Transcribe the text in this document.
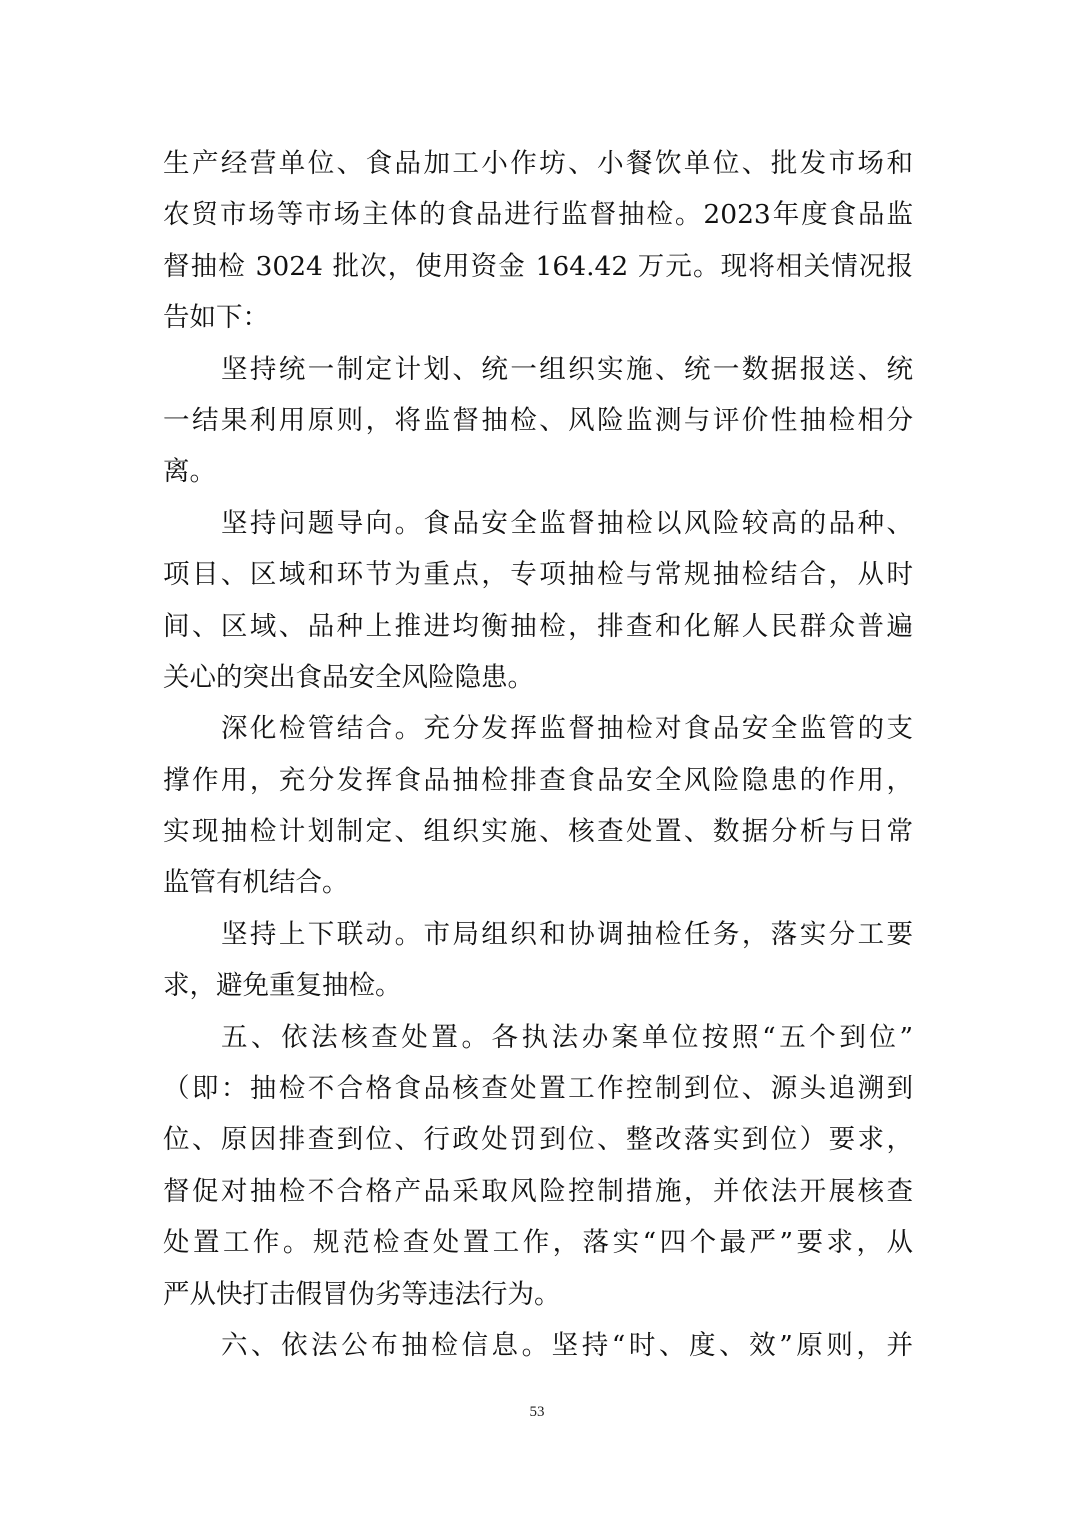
生产经营单位、食品加工小作坊、小餐饮单位、批发市场和
农贸市场等市场主体的食品进行监督抽检。2023年度食品监
督抽检 3024 批次，使用资金 164.42 万元。现将相关情况报
告如下：
坚持统一制定计划、统一组织实施、统一数据报送、统
一结果利用原则，将监督抽检、风险监测与评价性抽检相分
离。
坚持问题导向。食品安全监督抽检以风险较高的品种、
项目、区域和环节为重点，专项抽检与常规抽检结合，从时
间、区域、品种上推进均衡抽检，排查和化解人民群众普遍
关心的突出食品安全风险隐患。
深化检管结合。充分发挥监督抽检对食品安全监管的支
撑作用，充分发挥食品抽检排查食品安全风险隐患的作用，
实现抽检计划制定、组织实施、核查处置、数据分析与日常
监管有机结合。
坚持上下联动。市局组织和协调抽检任务，落实分工要
求，避免重复抽检。
五、依法核查处置。各执法办案单位按照“五个到位”
（即：抽检不合格食品核查处置工作控制到位、源头追溯到
位、原因排查到位、行政处罚到位、整改落实到位）要求，
督促对抽检不合格产品采取风险控制措施，并依法开展核查
处置工作。规范检查处置工作，落实“四个最严”要求，从
严从快打击假冒伪劣等违法行为。
六、依法公布抽检信息。坚持“时、度、效”原则，并
53
